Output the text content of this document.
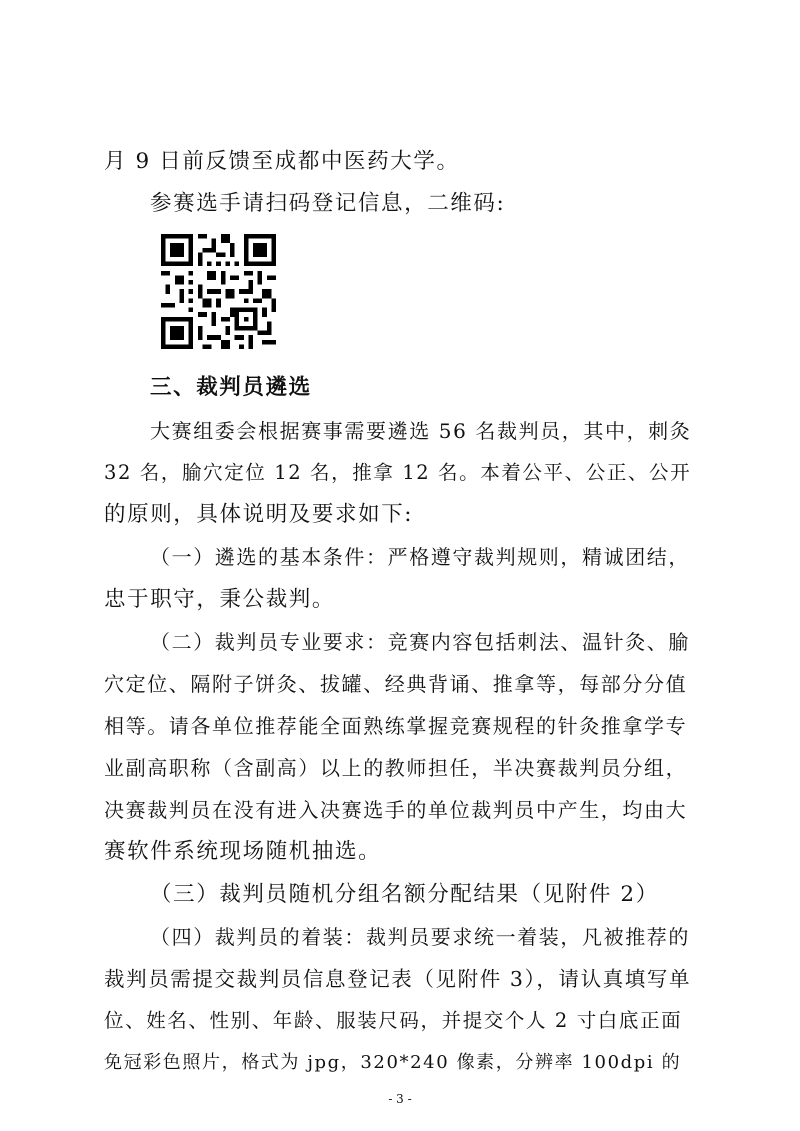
月 9 日前反馈至成都中医药大学。
参赛选手请扫码登记信息，二维码:
三、裁判员遴选
大赛组委会根据赛事需要遴选 56 名裁判员，其中，刺灸
32 名，腧穴定位 12 名，推拿 12 名。本着公平、公正、公开
的原则，具体说明及要求如下:
（一）遴选的基本条件：严格遵守裁判规则，精诚团结，
忠于职守，秉公裁判。
（二）裁判员专业要求：竞赛内容包括刺法、温针灸、腧
穴定位、隔附子饼灸、拔罐、经典背诵、推拿等，每部分分值
相等。请各单位推荐能全面熟练掌握竞赛规程的针灸推拿学专
业副高职称（含副高）以上的教师担任，半决赛裁判员分组，
决赛裁判员在没有进入决赛选手的单位裁判员中产生，均由大
赛软件系统现场随机抽选。
（三）裁判员随机分组名额分配结果（见附件 2）
（四）裁判员的着装：裁判员要求统一着装，凡被推荐的
裁判员需提交裁判员信息登记表（见附件 3），请认真填写单
位、姓名、性别、年龄、服装尺码，并提交个人 2 寸白底正面
免冠彩色照片，格式为 jpg，320*240 像素，分辨率 100dpi 的
- 3 -
